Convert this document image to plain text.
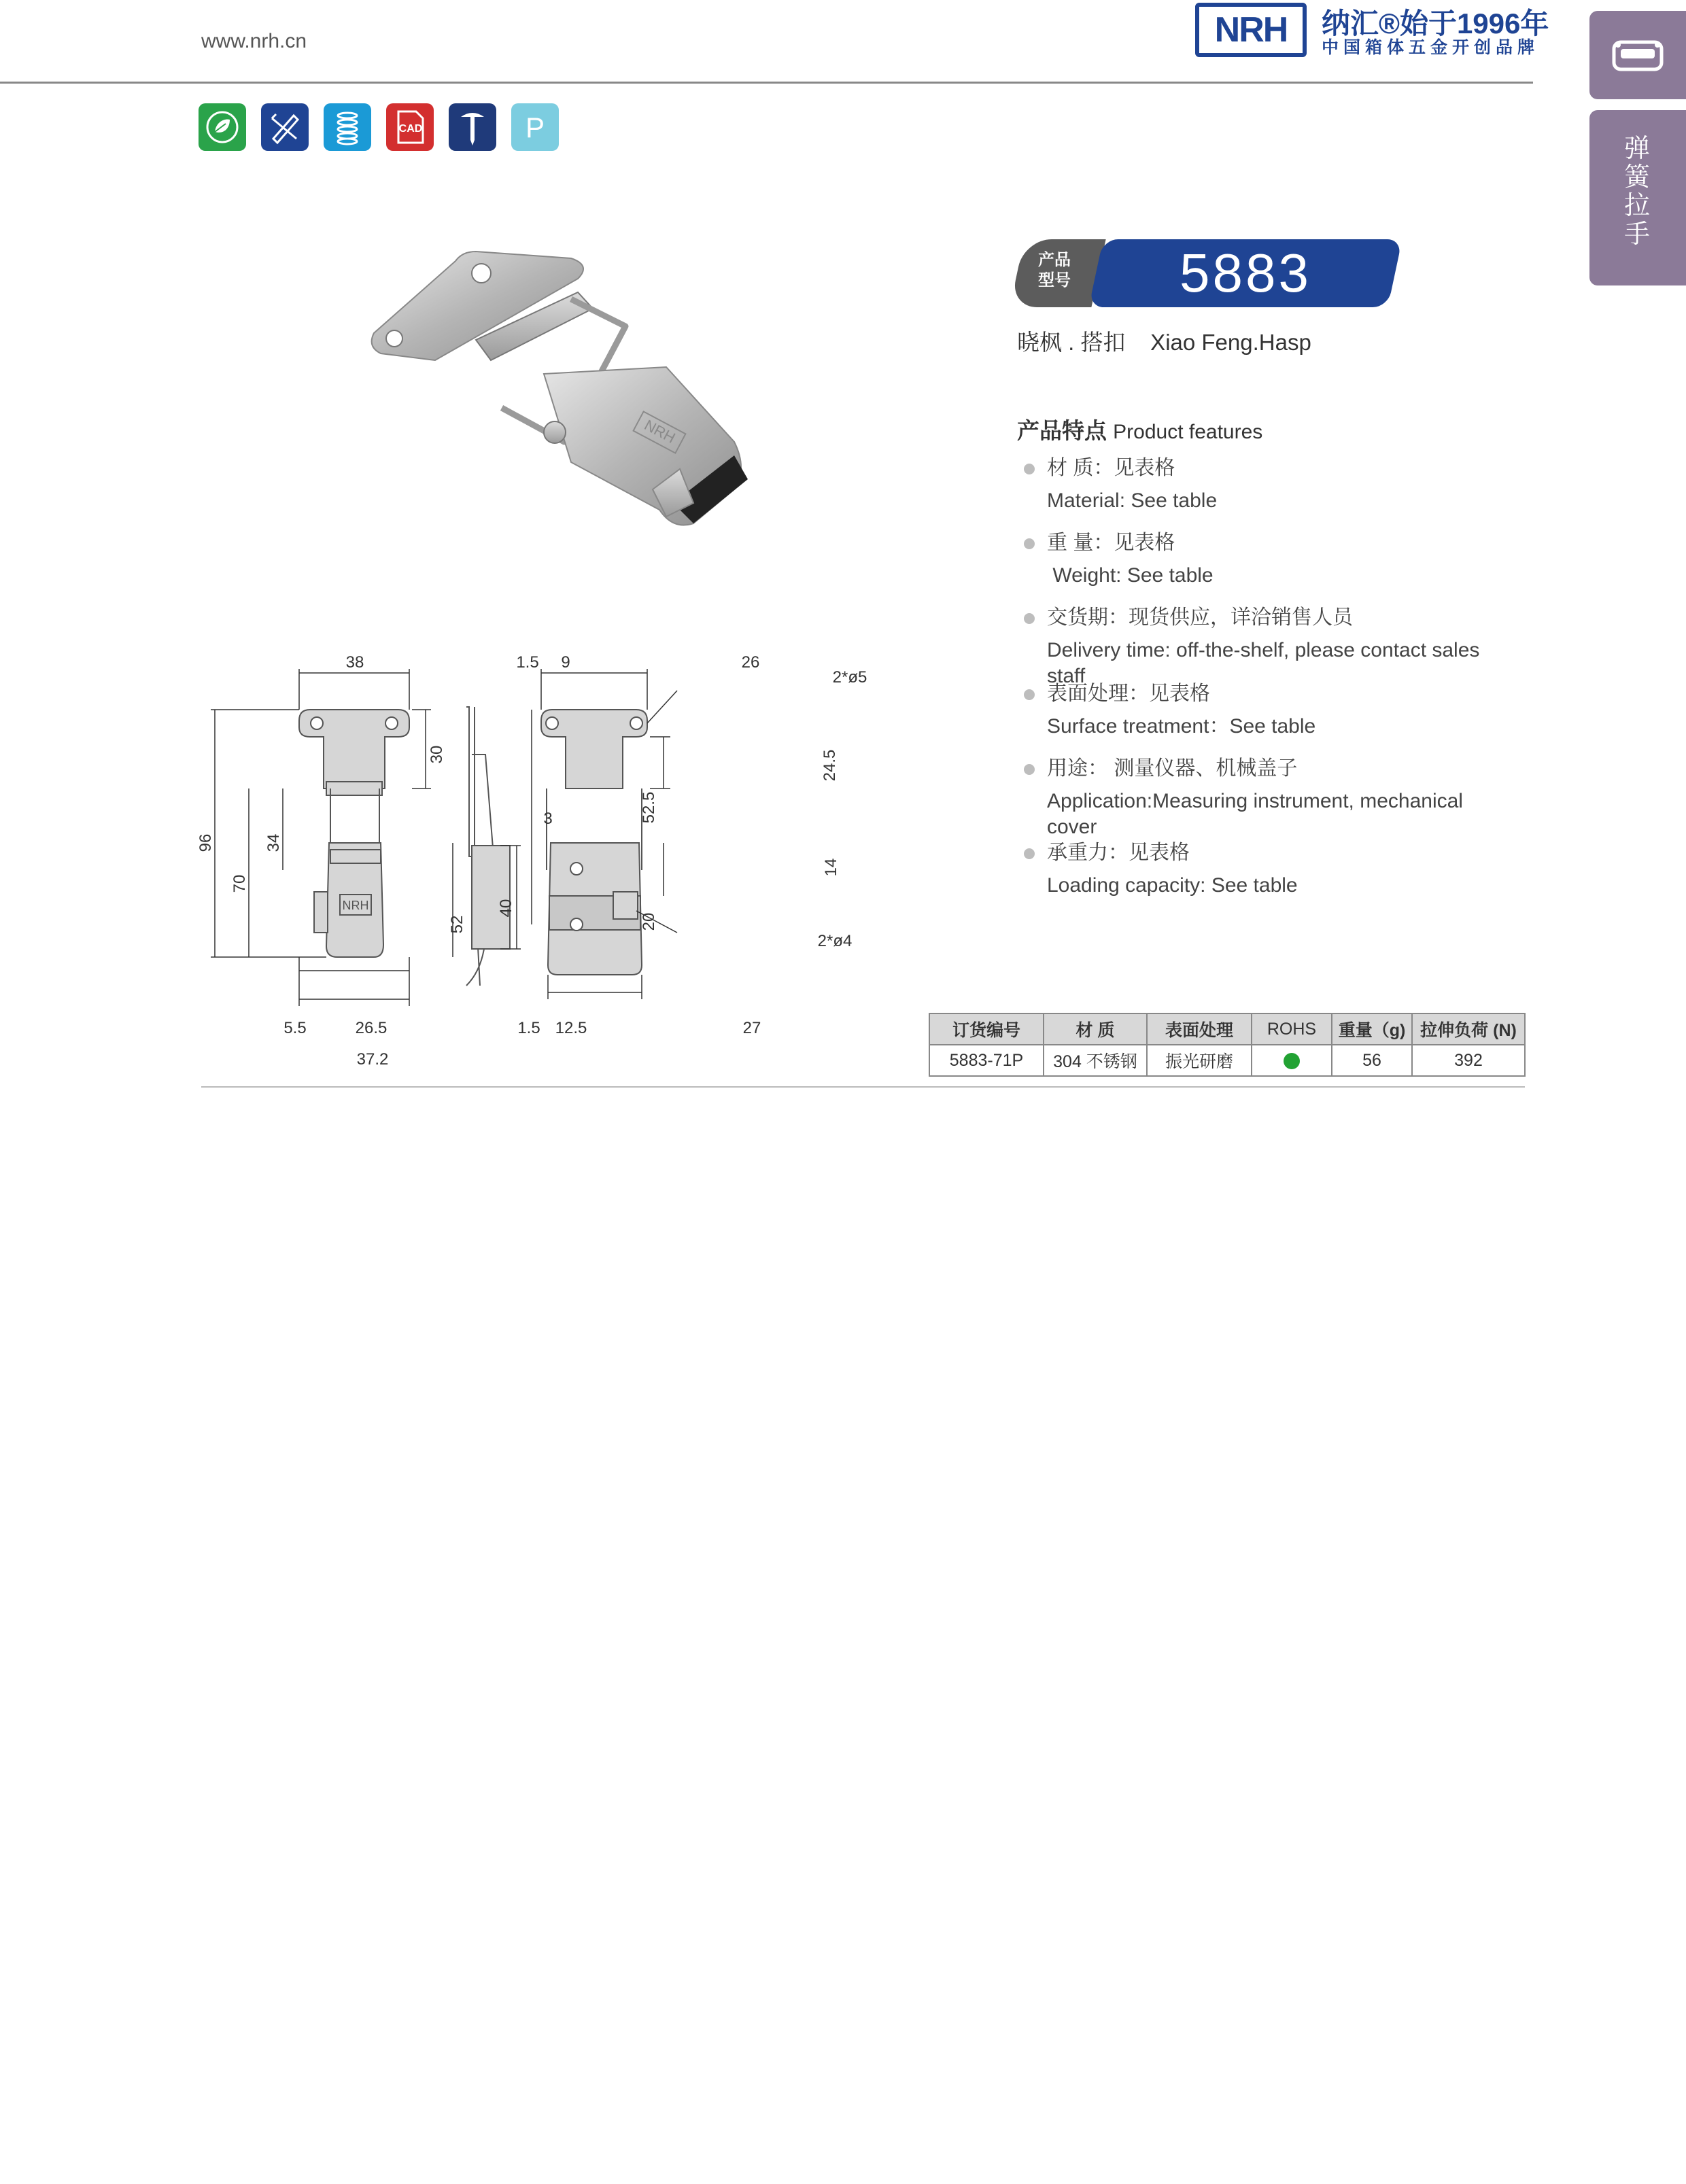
www.nrh.cn	NRH	纳汇®始于1996年
中国箱体五金开创品牌
弹簧拉手
CAD	P
NRH
NRH
38
30
96
70
34
52
5.5	26.5
37.2
1.5 9
3
40
1.5 12.5
26
2*ø5
24.5
52.5
14
20
2*ø4
27
产品型号	5883
晓枫 . 搭扣    Xiao Feng.Hasp
产品特点 Product features
材 质：见表格
Material: See table
重 量：见表格
Weight: See table
交货期：现货供应，详洽销售人员
Delivery time: off-the-shelf, please contact sales staff
表面处理：见表格
Surface treatment：See table
用途： 测量仪器、机械盖子
Application:Measuring instrument, mechanical cover
承重力：见表格
Loading capacity: See table
订货编号	材 质	表面处理	ROHS	重量（g)	拉伸负荷 (N)
5883-71P	304 不锈钢	振光研磨		56	392
